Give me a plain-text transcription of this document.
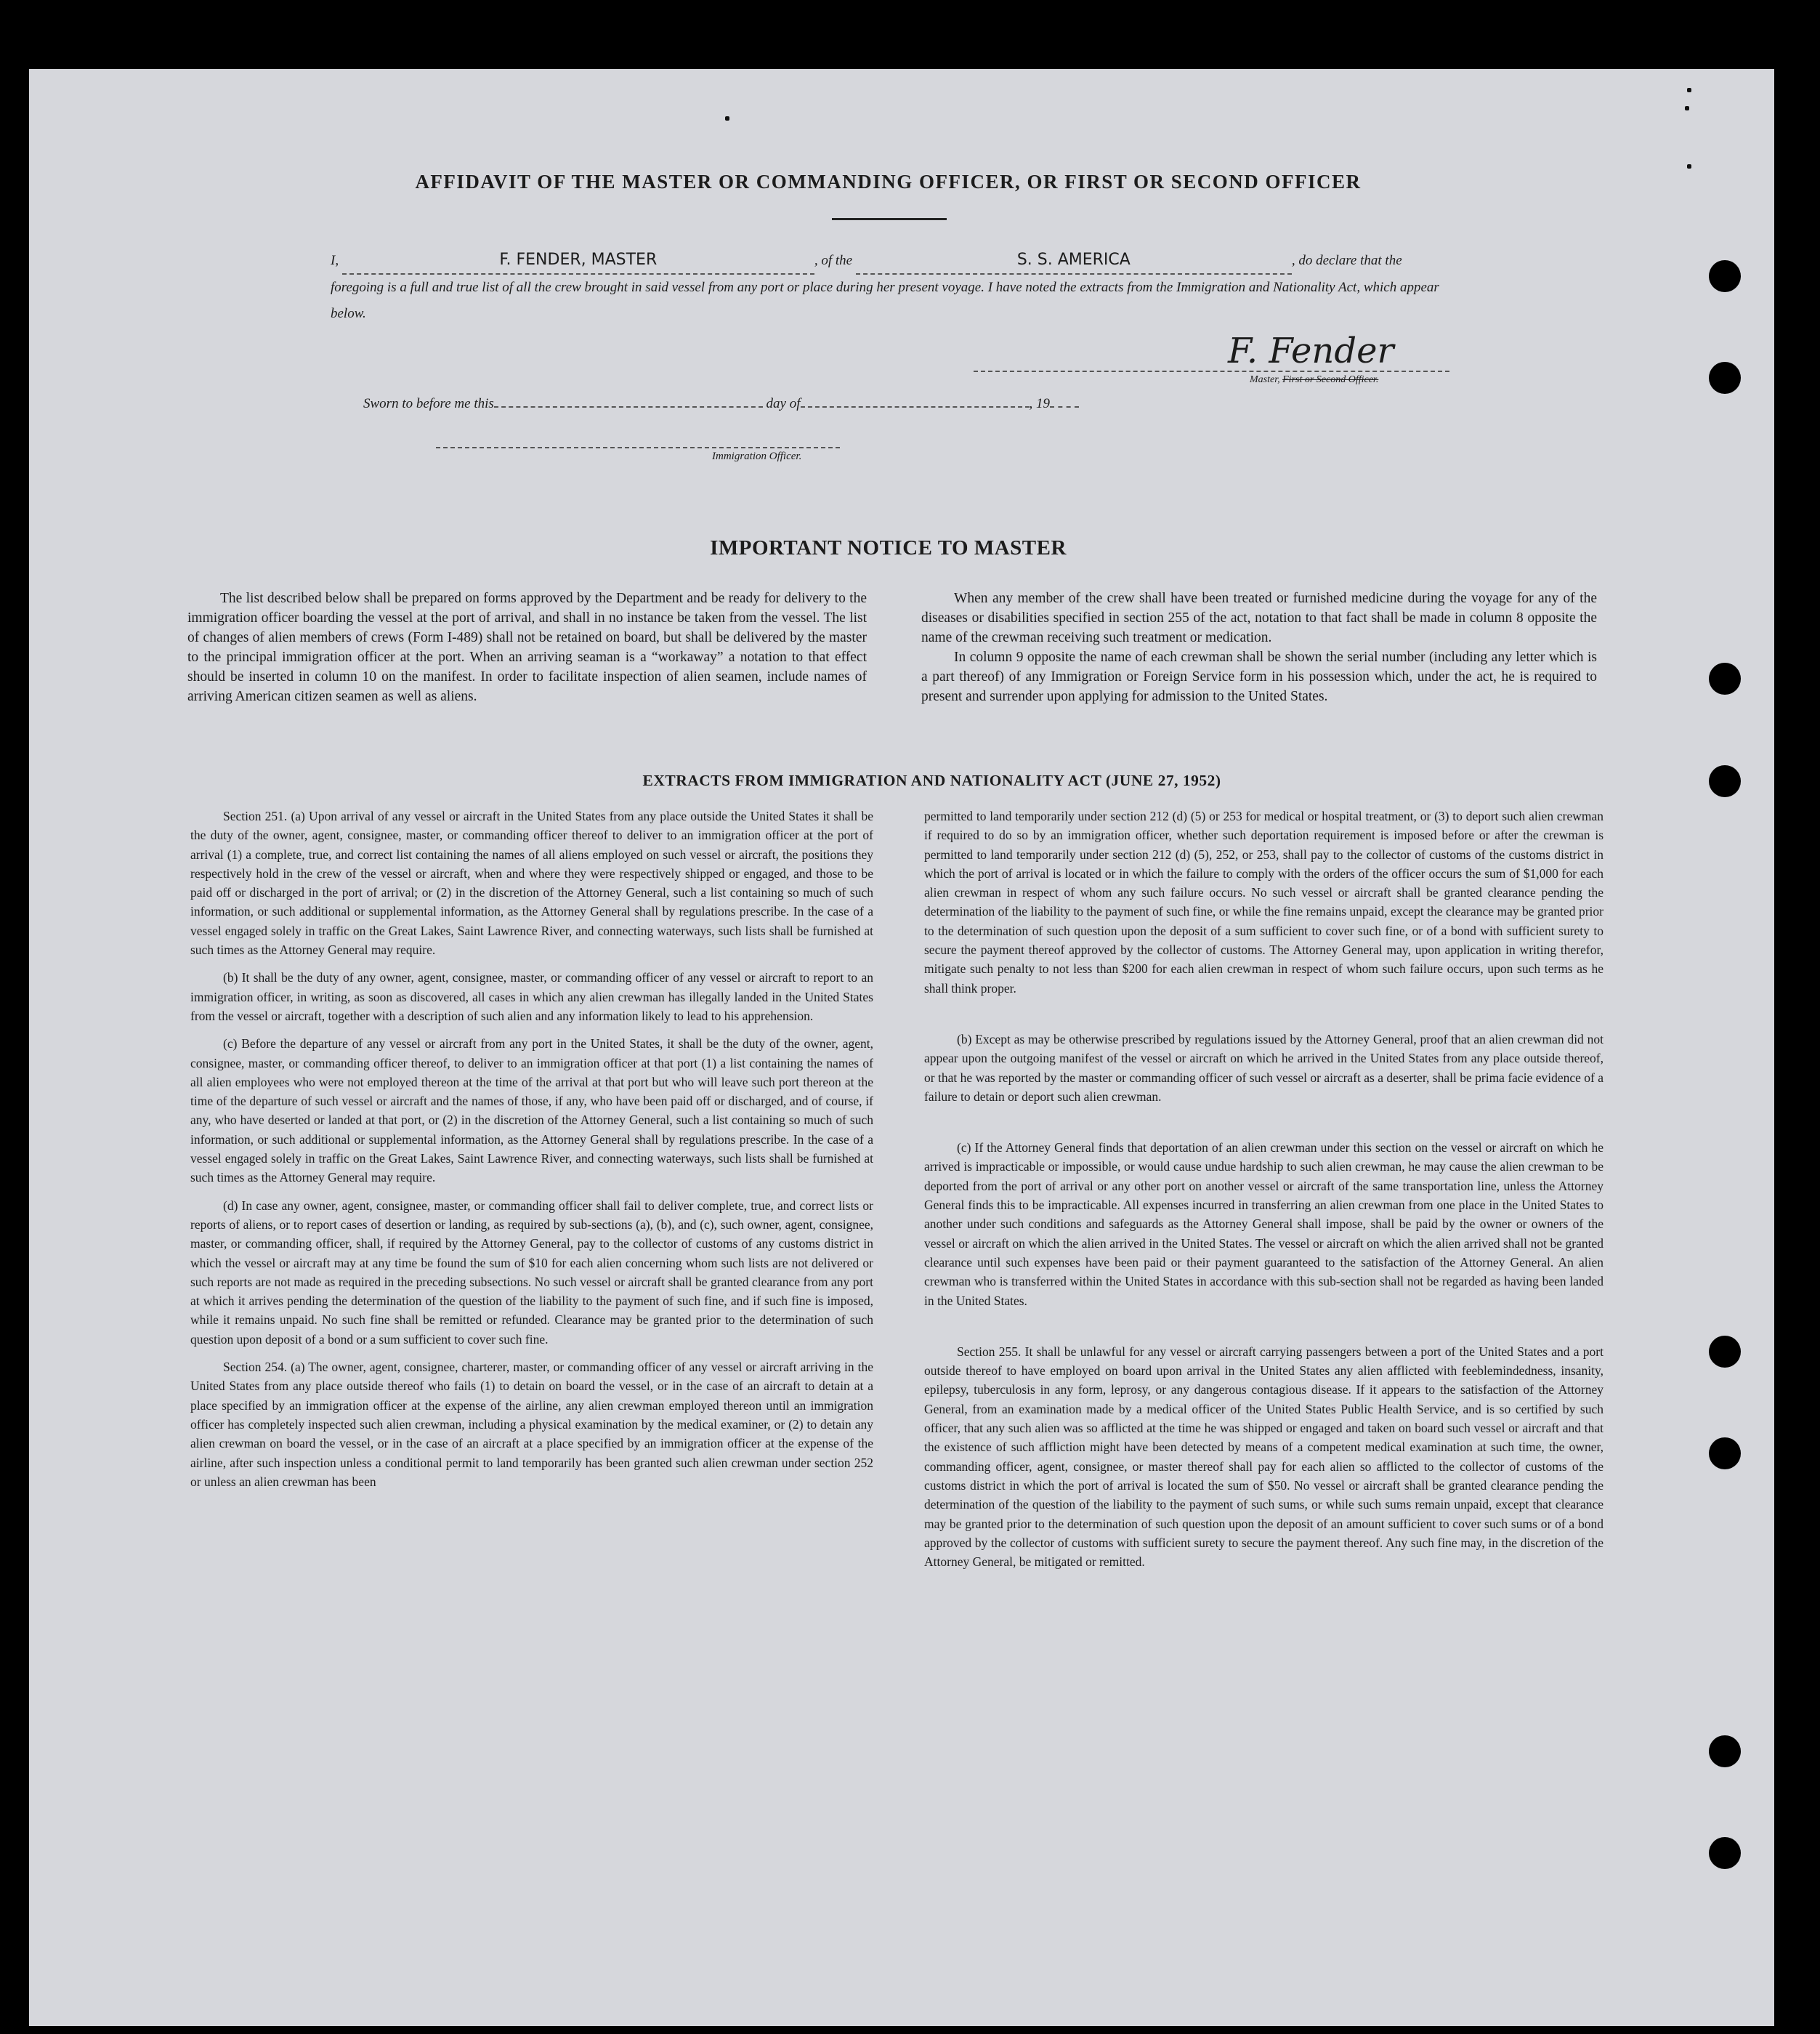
AFFIDAVIT OF THE MASTER OR COMMANDING OFFICER, OR FIRST OR SECOND OFFICER
I,	F. FENDER, MASTER	, of the	S. S. AMERICA	, do declare that the foregoing is a full and true list of all the crew brought in said vessel from any port or place during her present voyage. I have noted the extracts from the Immigration and Nationality Act, which appear below.
F. Fender
Master, First or Second Officer.
Sworn to before me this	day of	, 19
Immigration Officer.
IMPORTANT NOTICE TO MASTER

The list described below shall be prepared on forms approved by the Department and be ready for delivery to the immigration officer boarding the vessel at the port of arrival, and shall in no instance be taken from the vessel. The list of changes of alien members of crews (Form I-489) shall not be retained on board, but shall be delivered by the master to the principal immigration officer at the port. When an arriving seaman is a “workaway” a notation to that effect should be inserted in column 10 on the manifest. In order to facilitate inspection of alien seamen, include names of arriving American citizen seamen as well as aliens.

When any member of the crew shall have been treated or furnished medicine during the voyage for any of the diseases or disabilities specified in section 255 of the act, notation to that fact shall be made in column 8 opposite the name of the crewman receiving such treatment or medication.

In column 9 opposite the name of each crewman shall be shown the serial number (including any letter which is a part thereof) of any Immigration or Foreign Service form in his possession which, under the act, he is required to present and surrender upon applying for admission to the United States.

EXTRACTS FROM IMMIGRATION AND NATIONALITY ACT (JUNE 27, 1952)

Section 251. (a) Upon arrival of any vessel or aircraft in the United States from any place outside the United States it shall be the duty of the owner, agent, consignee, master, or commanding officer thereof to deliver to an immigration officer at the port of arrival (1) a complete, true, and correct list containing the names of all aliens employed on such vessel or aircraft, the positions they respectively hold in the crew of the vessel or aircraft, when and where they were respectively shipped or engaged, and those to be paid off or discharged in the port of arrival; or (2) in the discretion of the Attorney General, such a list containing so much of such information, or such additional or supplemental information, as the Attorney General shall by regulations prescribe. In the case of a vessel engaged solely in traffic on the Great Lakes, Saint Lawrence River, and connecting waterways, such lists shall be furnished at such times as the Attorney General may require.

(b) It shall be the duty of any owner, agent, consignee, master, or commanding officer of any vessel or aircraft to report to an immigration officer, in writing, as soon as discovered, all cases in which any alien crewman has illegally landed in the United States from the vessel or aircraft, together with a description of such alien and any information likely to lead to his apprehension.

(c) Before the departure of any vessel or aircraft from any port in the United States, it shall be the duty of the owner, agent, consignee, master, or commanding officer thereof, to deliver to an immigration officer at that port (1) a list containing the names of all alien employees who were not employed thereon at the time of the arrival at that port but who will leave such port thereon at the time of the departure of such vessel or aircraft and the names of those, if any, who have been paid off or discharged, and of course, if any, who have deserted or landed at that port, or (2) in the discretion of the Attorney General, such a list containing so much of such information, or such additional or supplemental information, as the Attorney General shall by regulations prescribe. In the case of a vessel engaged solely in traffic on the Great Lakes, Saint Lawrence River, and connecting waterways, such lists shall be furnished at such times as the Attorney General may require.

(d) In case any owner, agent, consignee, master, or commanding officer shall fail to deliver complete, true, and correct lists or reports of aliens, or to report cases of desertion or landing, as required by sub-sections (a), (b), and (c), such owner, agent, consignee, master, or commanding officer, shall, if required by the Attorney General, pay to the collector of customs of any customs district in which the vessel or aircraft may at any time be found the sum of $10 for each alien concerning whom such lists are not delivered or such reports are not made as required in the preceding subsections. No such vessel or aircraft shall be granted clearance from any port at which it arrives pending the determination of the question of the liability to the payment of such fine, and if such fine is imposed, while it remains unpaid. No such fine shall be remitted or refunded. Clearance may be granted prior to the determination of such question upon deposit of a bond or a sum sufficient to cover such fine.

Section 254. (a) The owner, agent, consignee, charterer, master, or commanding officer of any vessel or aircraft arriving in the United States from any place outside thereof who fails (1) to detain on board the vessel, or in the case of an aircraft to detain at a place specified by an immigration officer at the expense of the airline, any alien crewman employed thereon until an immigration officer has completely inspected such alien crewman, including a physical examination by the medical examiner, or (2) to detain any alien crewman on board the vessel, or in the case of an aircraft at a place specified by an immigration officer at the expense of the airline, after such inspection unless a conditional permit to land temporarily has been granted such alien crewman under section 252 or unless an alien crewman has been

permitted to land temporarily under section 212 (d) (5) or 253 for medical or hospital treatment, or (3) to deport such alien crewman if required to do so by an immigration officer, whether such deportation requirement is imposed before or after the crewman is permitted to land temporarily under section 212 (d) (5), 252, or 253, shall pay to the collector of customs of the customs district in which the port of arrival is located or in which the failure to comply with the orders of the officer occurs the sum of $1,000 for each alien crewman in respect of whom any such failure occurs. No such vessel or aircraft shall be granted clearance pending the determination of the liability to the payment of such fine, or while the fine remains unpaid, except the clearance may be granted prior to the determination of such question upon the deposit of a sum sufficient to cover such fine, or of a bond with sufficient surety to secure the payment thereof approved by the collector of customs. The Attorney General may, upon application in writing therefor, mitigate such penalty to not less than $200 for each alien crewman in respect of whom such failure occurs, upon such terms as he shall think proper.

(b) Except as may be otherwise prescribed by regulations issued by the Attorney General, proof that an alien crewman did not appear upon the outgoing manifest of the vessel or aircraft on which he arrived in the United States from any place outside thereof, or that he was reported by the master or commanding officer of such vessel or aircraft as a deserter, shall be prima facie evidence of a failure to detain or deport such alien crewman.

(c) If the Attorney General finds that deportation of an alien crewman under this section on the vessel or aircraft on which he arrived is impracticable or impossible, or would cause undue hardship to such alien crewman, he may cause the alien crewman to be deported from the port of arrival or any other port on another vessel or aircraft of the same transportation line, unless the Attorney General finds this to be impracticable. All expenses incurred in transferring an alien crewman from one place in the United States to another under such conditions and safeguards as the Attorney General shall impose, shall be paid by the owner or owners of the vessel or aircraft on which the alien arrived in the United States. The vessel or aircraft on which the alien arrived shall not be granted clearance until such expenses have been paid or their payment guaranteed to the satisfaction of the Attorney General. An alien crewman who is transferred within the United States in accordance with this sub-section shall not be regarded as having been landed in the United States.

Section 255. It shall be unlawful for any vessel or aircraft carrying passengers between a port of the United States and a port outside thereof to have employed on board upon arrival in the United States any alien afflicted with feeblemindedness, insanity, epilepsy, tuberculosis in any form, leprosy, or any dangerous contagious disease. If it appears to the satisfaction of the Attorney General, from an examination made by a medical officer of the United States Public Health Service, and is so certified by such officer, that any such alien was so afflicted at the time he was shipped or engaged and taken on board such vessel or aircraft and that the existence of such affliction might have been detected by means of a competent medical examination at such time, the owner, commanding officer, agent, consignee, or master thereof shall pay for each alien so afflicted to the collector of customs of the customs district in which the port of arrival is located the sum of $50. No vessel or aircraft shall be granted clearance pending the determination of the question of the liability to the payment of such sums, or while such sums remain unpaid, except that clearance may be granted prior to the determination of such question upon the deposit of an amount sufficient to cover such sums or of a bond approved by the collector of customs with sufficient surety to secure the payment thereof. Any such fine may, in the discretion of the Attorney General, be mitigated or remitted.
